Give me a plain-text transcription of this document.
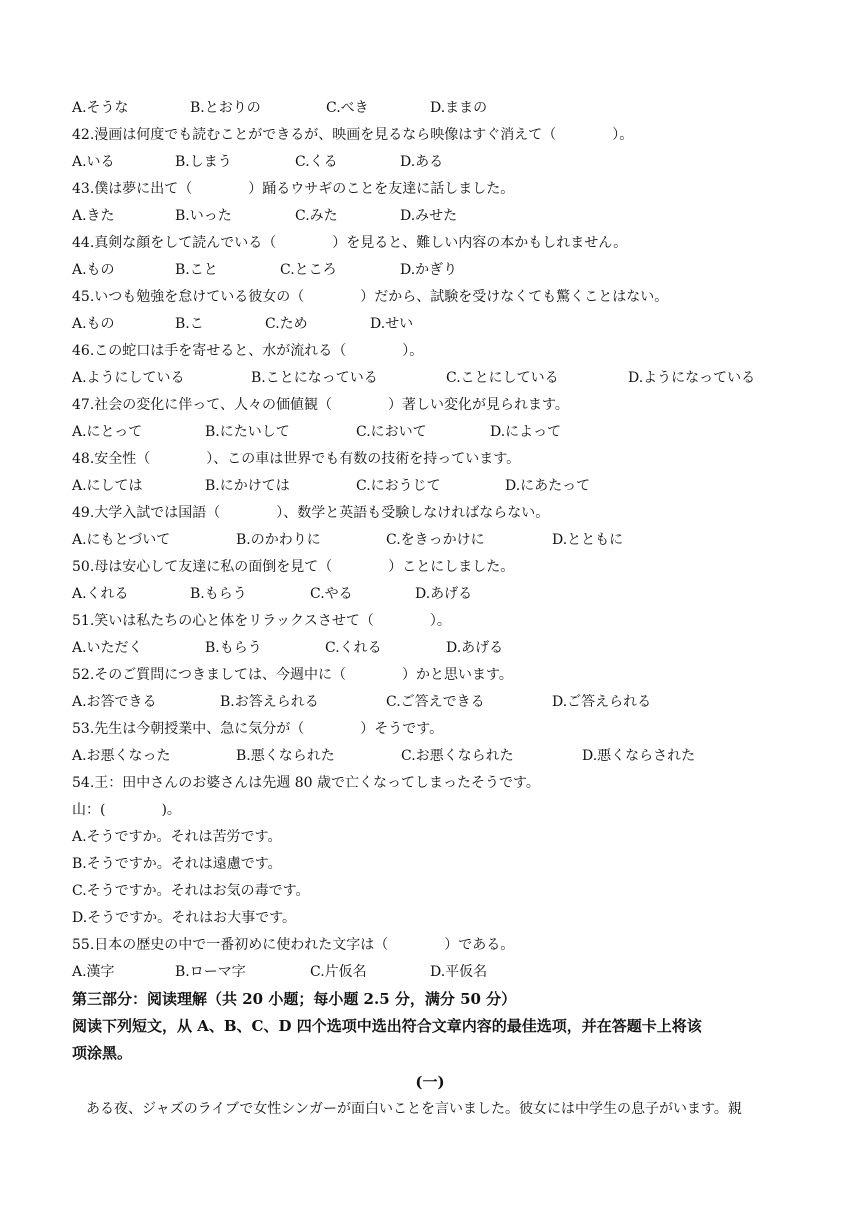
A.そうな	B.とおりの	C.べき	D.ままの
42.漫画は何度でも読むことができるが、映画を見るなら映像はすぐ消えて（　　　　）。
A.いる	B.しまう	C.くる	D.ある
43.僕は夢に出て（　　　　）踊るウサギのことを友達に話しました。
A.きた	B.いった	C.みた	D.みせた
44.真剣な顔をして読んでいる（　　　　）を見ると、難しい内容の本かもしれません。
A.もの	B.こと	C.ところ	D.かぎり
45.いつも勉強を怠けている彼女の（　　　　）だから、試験を受けなくても驚くことはない。
A.もの	B.こ	C.ため	D.せい
46.この蛇口は手を寄せると、水が流れる（　　　　）。
A.ようにしている	B.ことになっている	C.ことにしている	D.ようになっている
47.社会の変化に伴って、人々の価値観（　　　　）著しい変化が見られます。
A.にとって	B.にたいして	C.において	D.によって
48.安全性（　　　　）、この車は世界でも有数の技術を持っています。
A.にしては	B.にかけては	C.におうじて	D.にあたって
49.大学入試では国語（　　　　）、数学と英語も受験しなければならない。
A.にもとづいて	B.のかわりに	C.をきっかけに	D.とともに
50.母は安心して友達に私の面倒を見て（　　　　）ことにしました。
A.くれる	B.もらう	C.やる	D.あげる
51.笑いは私たちの心と体をリラックスさせて（　　　　）。
A.いただく	B.もらう	C.くれる	D.あげる
52.そのご質問につきましては、今週中に（　　　　）かと思います。
A.お答できる	B.お答えられる	C.ご答えできる	D.ご答えられる
53.先生は今朝授業中、急に気分が（　　　　）そうです。
A.お悪くなった	B.悪くなられた	C.お悪くなられた	D.悪くならされた
54.王：田中さんのお婆さんは先週 80 歳で亡くなってしまったそうです。
山：(　　　　)。
A.そうですか。それは苦労です。
B.そうですか。それは遠慮です。
C.そうですか。それはお気の毒です。
D.そうですか。それはお大事です。
55.日本の歴史の中で一番初めに使われた文字は（　　　　）である。
A.漢字	B.ローマ字	C.片仮名	D.平仮名
第三部分：阅读理解（共 20 小题；每小题 2.5 分，满分 50 分）
阅读下列短文，从 A、B、C、D 四个选项中选出符合文章内容的最佳选项，并在答题卡上将该
项涂黑。
(一)
　ある夜、ジャズのライブで女性シンガーが面白いことを言いました。彼女には中学生の息子がいます。親
